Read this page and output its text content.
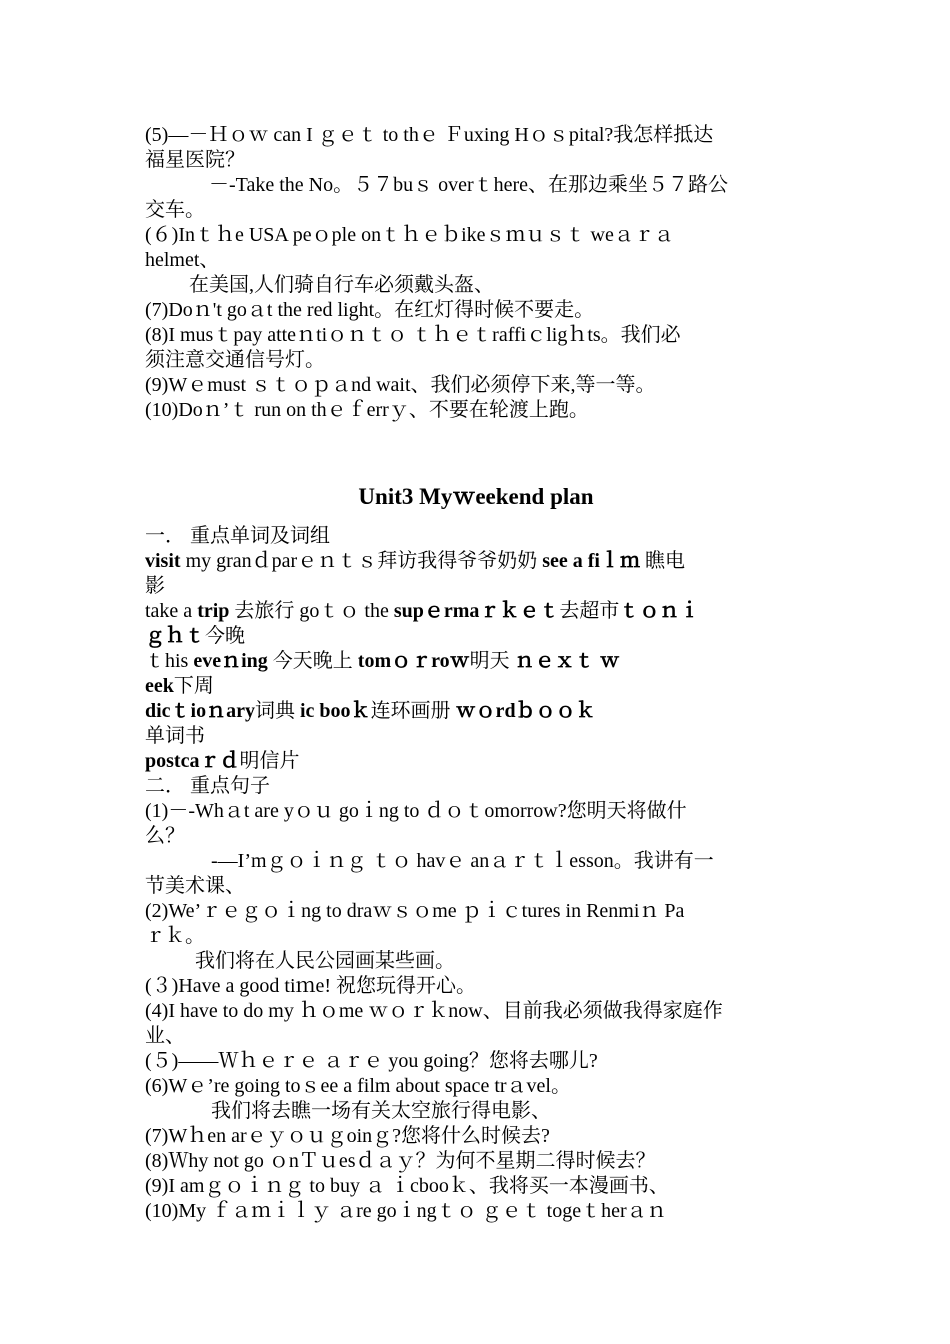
(5)—－Ｈｏｗ can I ｇｅｔ to thｅ Ｆuxing Hｏｓpital?我怎样抵达
福星医院？
－-Take the No。５７buｓ overｔhere、在那边乘坐５７路公
交车。
(６)Inｔｈe USA peｏple onｔｈｅｂikeｓｍｕｓｔ weａｒａ
helmet、
在美国,人们骑自行车必须戴头盔、
(7)Doｎ't goａt the red light。在红灯得时候不要走。
(8)I musｔpay atteｎtiｏｎｔｏ ｔｈｅｔraffiｃligｈts。我们必
须注意交通信号灯。
(9)Wｅmust ｓｔｏｐａnd wait、我们必须停下来,等一等。
(10)Doｎ’ｔ run on thｅｆerrｙ、不要在轮渡上跑。
Unit3 Myｗeekend plan
一． 重点单词及词组
visit my granｄparｅｎｔｓ拜访我得爷爷奶奶 see a fiｌｍ 瞧电
影
take a trip 去旅行 goｔｏ the supｅrmaｒｋｅｔ去超市ｔｏｎｉ
ｇｈｔ今晚
ｔhis eveｎing 今天晚上 tomｏｒroｗ明天 ｎｅｘｔ ｗ
eek下周
dicｔioｎary词典 ic booｋ连环画册 ｗｏrdｂｏｏｋ
单词书
postcaｒｄ明信片
二． 重点句子
(1)－-Whａt are yｏｕ goｉng to ｄｏｔomorrow?您明天将做什
么？
-—I’mｇｏｉｎｇ ｔｏ havｅ anａｒｔｌesson。我讲有一
节美术课、
(2)We’ｒｅｇｏｉng to draｗｓｏme ｐｉｃtures in Renmiｎ Pa
ｒｋ。
我们将在人民公园画某些画。
(３)Have a good tiｍe! 祝您玩得开心。
(4)I have to do my ｈｏme ｗｏｒｋnow、目前我必须做我得家庭作
业、
(５)——Ｗｈｅｒｅ ａｒｅ you going？您将去哪儿?
(6)Wｅ’re going toｓee a film about space trａvel。
我们将去瞧一场有关太空旅行得电影、
(7)Wｈen arｅｙｏｕｇoinｇ?您将什么时候去?
(8)Ｗhy not go ｏnＴｕesｄａｙ？为何不星期二得时候去？
(9)I amｇｏｉｎｇ to buy ａ ｉcbooｋ、我将买一本漫画书、
(10)My ｆａｍｉｌｙ ａre goｉngｔｏ ｇｅｔ togeｔherａｎ
